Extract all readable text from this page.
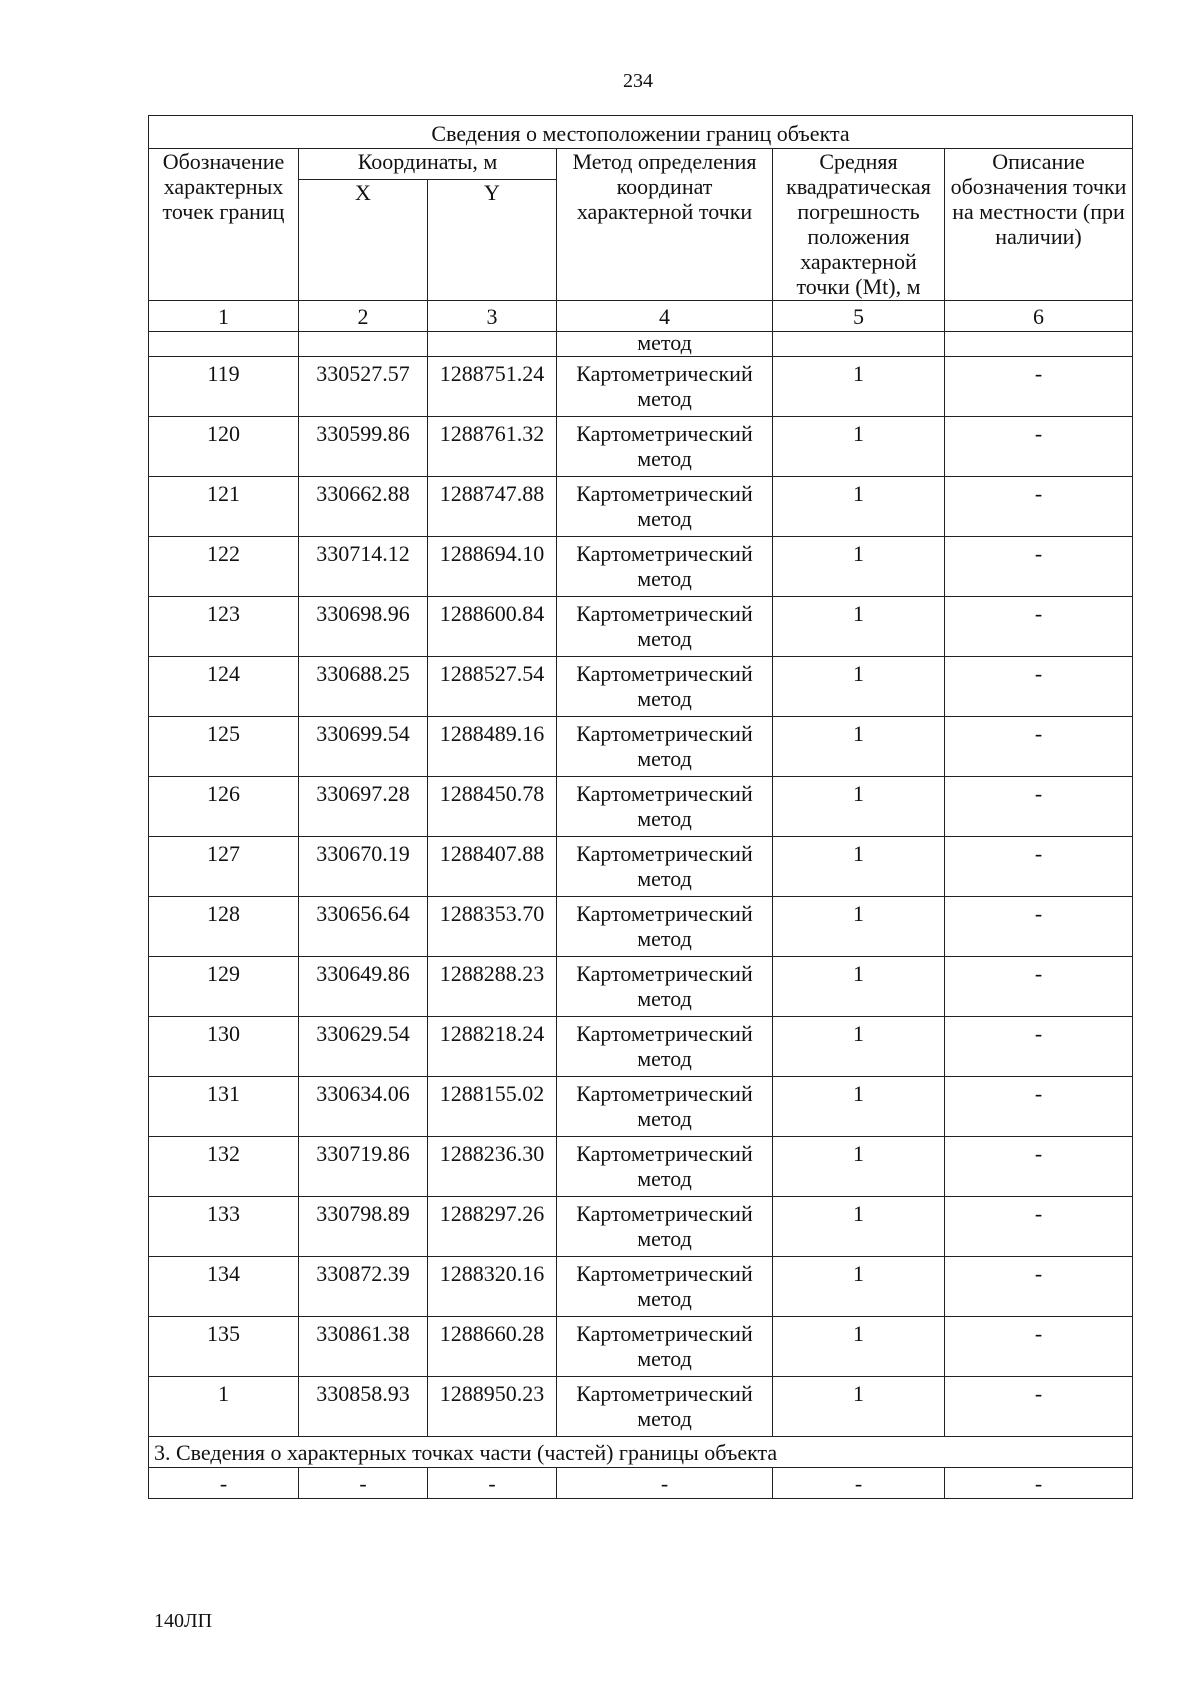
234
Сведения о местоположении границ объекта					
Обозначение характерных точек границ	Координаты, м		Метод определения координат характерной точки	Средняя квадратическая погрешность положения характерной точки (Mt), м	Описание обозначения точки на местности (при наличии)
	X	Y			
1	2	3	4	5	6
			метод		
119	330527.57	1288751.24	Картометрический метод	1	-
120	330599.86	1288761.32	Картометрический метод	1	-
121	330662.88	1288747.88	Картометрический метод	1	-
122	330714.12	1288694.10	Картометрический метод	1	-
123	330698.96	1288600.84	Картометрический метод	1	-
124	330688.25	1288527.54	Картометрический метод	1	-
125	330699.54	1288489.16	Картометрический метод	1	-
126	330697.28	1288450.78	Картометрический метод	1	-
127	330670.19	1288407.88	Картометрический метод	1	-
128	330656.64	1288353.70	Картометрический метод	1	-
129	330649.86	1288288.23	Картометрический метод	1	-
130	330629.54	1288218.24	Картометрический метод	1	-
131	330634.06	1288155.02	Картометрический метод	1	-
132	330719.86	1288236.30	Картометрический метод	1	-
133	330798.89	1288297.26	Картометрический метод	1	-
134	330872.39	1288320.16	Картометрический метод	1	-
135	330861.38	1288660.28	Картометрический метод	1	-
1	330858.93	1288950.23	Картометрический метод	1	-
3. Сведения о характерных точках части (частей) границы объекта					
-	-	-	-	-	-
140ЛП
